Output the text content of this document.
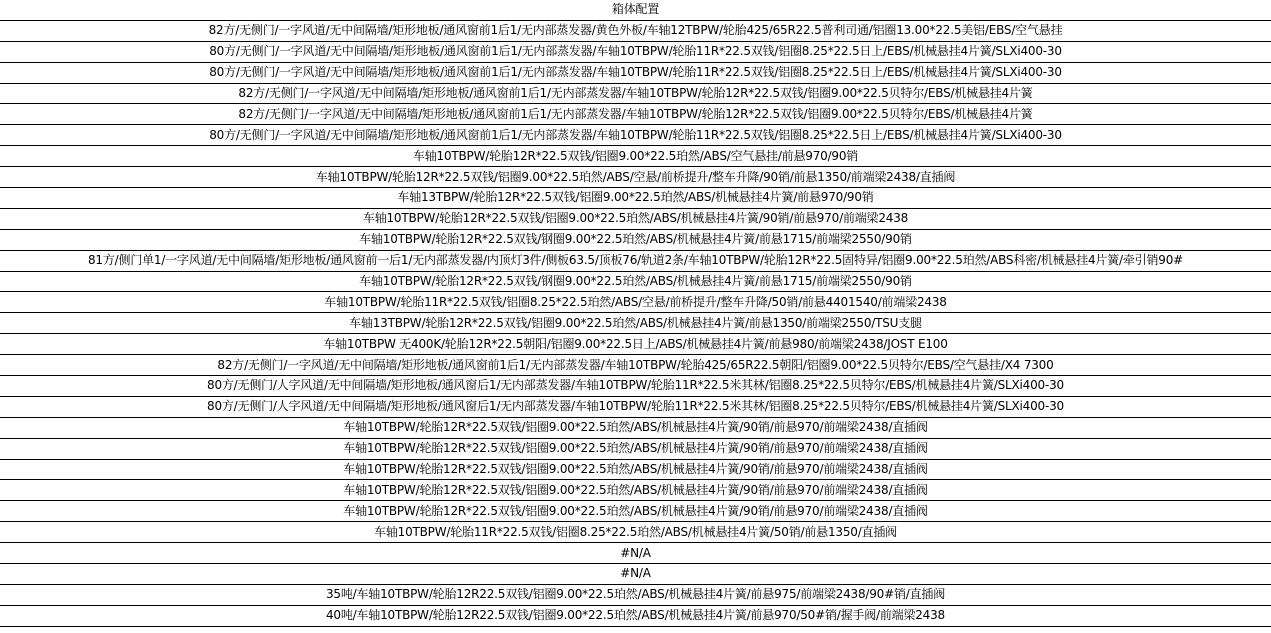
箱体配置
82方/无侧门/一字风道/无中间隔墙/矩形地板/通风窗前1后1/无内部蒸发器/黄色外板/车轴12TBPW/轮胎425/65R22.5普利司通/铝圈13.00*22.5美铝/EBS/空气悬挂
80方/无侧门/一字风道/无中间隔墙/矩形地板/通风窗前1后1/无内部蒸发器/车轴10TBPW/轮胎11R*22.5双钱/铝圈8.25*22.5日上/EBS/机械悬挂4片簧/SLXi400-30
80方/无侧门/一字风道/无中间隔墙/矩形地板/通风窗前1后1/无内部蒸发器/车轴10TBPW/轮胎11R*22.5双钱/铝圈8.25*22.5日上/EBS/机械悬挂4片簧/SLXi400-30
82方/无侧门/一字风道/无中间隔墙/矩形地板/通风窗前1后1/无内部蒸发器/车轴10TBPW/轮胎12R*22.5双钱/铝圈9.00*22.5贝特尔/EBS/机械悬挂4片簧
82方/无侧门/一字风道/无中间隔墙/矩形地板/通风窗前1后1/无内部蒸发器/车轴10TBPW/轮胎12R*22.5双钱/铝圈9.00*22.5贝特尔/EBS/机械悬挂4片簧
80方/无侧门/一字风道/无中间隔墙/矩形地板/通风窗前1后1/无内部蒸发器/车轴10TBPW/轮胎11R*22.5双钱/铝圈8.25*22.5日上/EBS/机械悬挂4片簧/SLXi400-30
车轴10TBPW/轮胎12R*22.5双钱/铝圈9.00*22.5珀然/ABS/空气悬挂/前悬970/90销
车轴10TBPW/轮胎12R*22.5双钱/铝圈9.00*22.5珀然/ABS/空悬/前桥提升/整车升降/90销/前悬1350/前端梁2438/直插阀
车轴13TBPW/轮胎12R*22.5双钱/铝圈9.00*22.5珀然/ABS/机械悬挂4片簧/前悬970/90销
车轴10TBPW/轮胎12R*22.5双钱/铝圈9.00*22.5珀然/ABS/机械悬挂4片簧/90销/前悬970/前端梁2438
车轴10TBPW/轮胎12R*22.5双钱/钢圈9.00*22.5珀然/ABS/机械悬挂4片簧/前悬1715/前端梁2550/90销
81方/侧门单1/一字风道/无中间隔墙/矩形地板/通风窗前一后1/无内部蒸发器/内顶灯3件/侧板63.5/顶板76/轨道2条/车轴10TBPW/轮胎12R*22.5固特异/铝圈9.00*22.5珀然/ABS科密/机械悬挂4片簧/牵引销90#
车轴10TBPW/轮胎12R*22.5双钱/钢圈9.00*22.5珀然/ABS/机械悬挂4片簧/前悬1715/前端梁2550/90销
车轴10TBPW/轮胎11R*22.5双钱/铝圈8.25*22.5珀然/ABS/空悬/前桥提升/整车升降/50销/前悬4401540/前端梁2438
车轴13TBPW/轮胎12R*22.5双钱/铝圈9.00*22.5珀然/ABS/机械悬挂4片簧/前悬1350/前端梁2550/TSU支腿
车轴10TBPW 无400K/轮胎12R*22.5朝阳/铝圈9.00*22.5日上/ABS/机械悬挂4片簧/前悬980/前端梁2438/JOST E100
82方/无侧门/一字风道/无中间隔墙/矩形地板/通风窗前1后1/无内部蒸发器/车轴10TBPW/轮胎425/65R22.5朝阳/铝圈9.00*22.5贝特尔/EBS/空气悬挂/X4 7300
80方/无侧门/人字风道/无中间隔墙/矩形地板/通风窗后1/无内部蒸发器/车轴10TBPW/轮胎11R*22.5米其林/铝圈8.25*22.5贝特尔/EBS/机械悬挂4片簧/SLXi400-30
80方/无侧门/人字风道/无中间隔墙/矩形地板/通风窗后1/无内部蒸发器/车轴10TBPW/轮胎11R*22.5米其林/铝圈8.25*22.5贝特尔/EBS/机械悬挂4片簧/SLXi400-30
车轴10TBPW/轮胎12R*22.5双钱/铝圈9.00*22.5珀然/ABS/机械悬挂4片簧/90销/前悬970/前端梁2438/直插阀
车轴10TBPW/轮胎12R*22.5双钱/铝圈9.00*22.5珀然/ABS/机械悬挂4片簧/90销/前悬970/前端梁2438/直插阀
车轴10TBPW/轮胎12R*22.5双钱/铝圈9.00*22.5珀然/ABS/机械悬挂4片簧/90销/前悬970/前端梁2438/直插阀
车轴10TBPW/轮胎12R*22.5双钱/铝圈9.00*22.5珀然/ABS/机械悬挂4片簧/90销/前悬970/前端梁2438/直插阀
车轴10TBPW/轮胎12R*22.5双钱/铝圈9.00*22.5珀然/ABS/机械悬挂4片簧/90销/前悬970/前端梁2438/直插阀
车轴10TBPW/轮胎11R*22.5双钱/铝圈8.25*22.5珀然/ABS/机械悬挂4片簧/50销/前悬1350/直插阀
#N/A
#N/A
35吨/车轴10TBPW/轮胎12R22.5双钱/铝圈9.00*22.5珀然/ABS/机械悬挂4片簧/前悬975/前端梁2438/90#销/直插阀
40吨/车轴10TBPW/轮胎12R22.5双钱/铝圈9.00*22.5珀然/ABS/机械悬挂4片簧/前悬970/50#销/握手阀/前端梁2438
